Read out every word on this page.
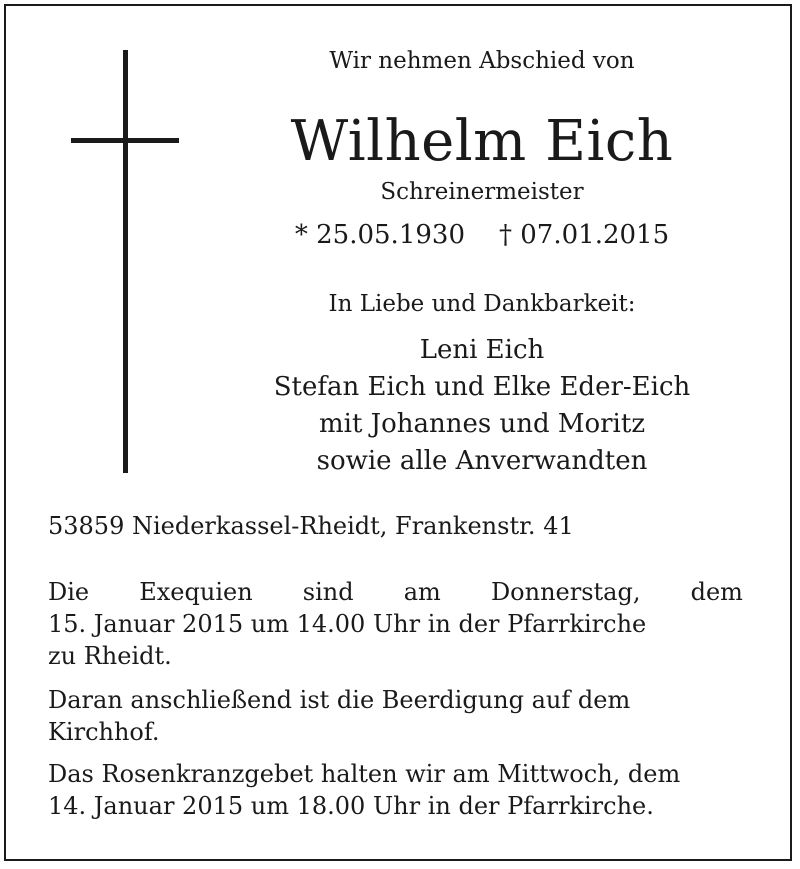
Wir nehmen Abschied von
Wilhelm Eich
Schreinermeister
* 25.05.1930 † 07.01.2015
In Liebe und Dankbarkeit:
Leni Eich
Stefan Eich und Elke Eder-Eich
mit Johannes und Moritz
sowie alle Anverwandten
53859 Niederkassel-Rheidt, Frankenstr. 41
Die Exequien sind am Donnerstag, dem
15. Januar 2015 um 14.00 Uhr in der Pfarrkirche
zu Rheidt.
Daran anschließend ist die Beerdigung auf dem
Kirchhof.
Das Rosenkranzgebet halten wir am Mittwoch, dem
14. Januar 2015 um 18.00 Uhr in der Pfarrkirche.
